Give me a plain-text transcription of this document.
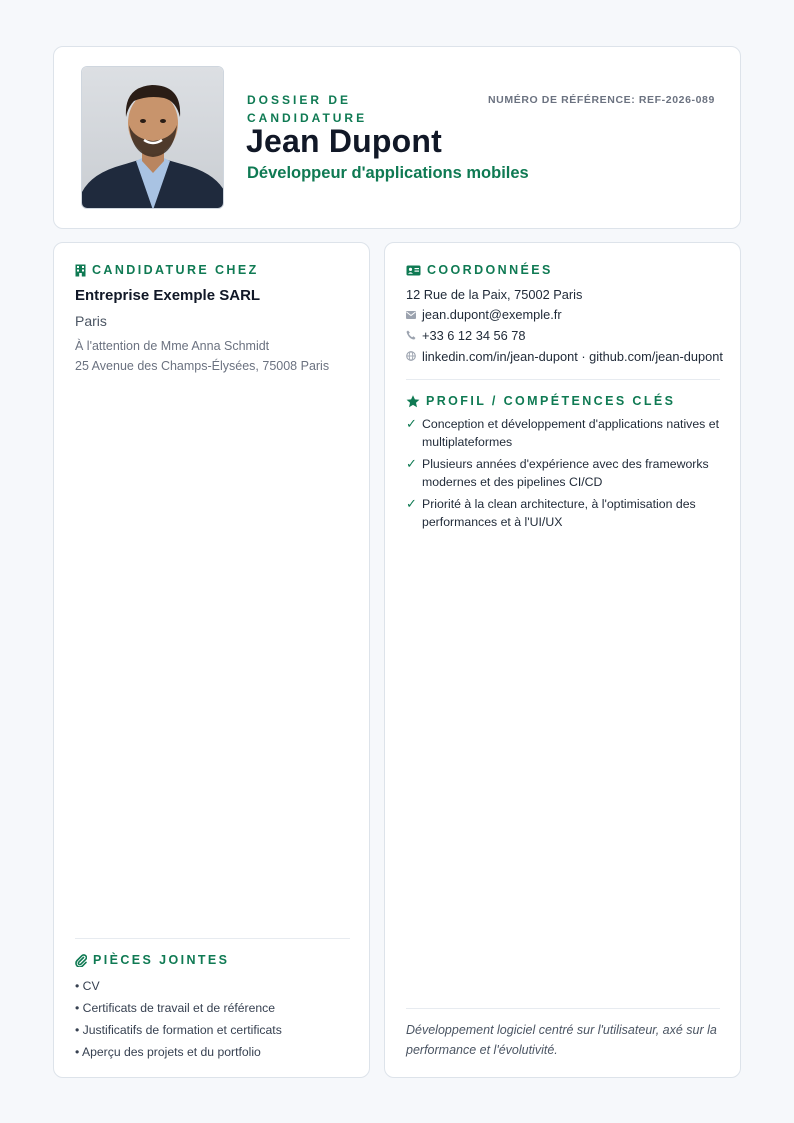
DOSSIER DE CANDIDATURE
NUMÉRO DE RÉFÉRENCE: REF-2026-089
Jean Dupont
Développeur d'applications mobiles
CANDIDATURE CHEZ
Entreprise Exemple SARL
Paris
À l'attention de Mme Anna Schmidt
25 Avenue des Champs-Élysées, 75008 Paris
PIÈCES JOINTES
• CV
• Certificats de travail et de référence
• Justificatifs de formation et certificats
• Aperçu des projets et du portfolio
COORDONNÉES
12 Rue de la Paix, 75002 Paris
jean.dupont@exemple.fr
+33 6 12 34 56 78
linkedin.com/in/jean-dupont · github.com/jean-dupont
PROFIL / COMPÉTENCES CLÉS
✓ Conception et développement d'applications natives et multiplateformes
✓ Plusieurs années d'expérience avec des frameworks modernes et des pipelines CI/CD
✓ Priorité à la clean architecture, à l'optimisation des performances et à l'UI/UX
Développement logiciel centré sur l'utilisateur, axé sur la performance et l'évolutivité.
